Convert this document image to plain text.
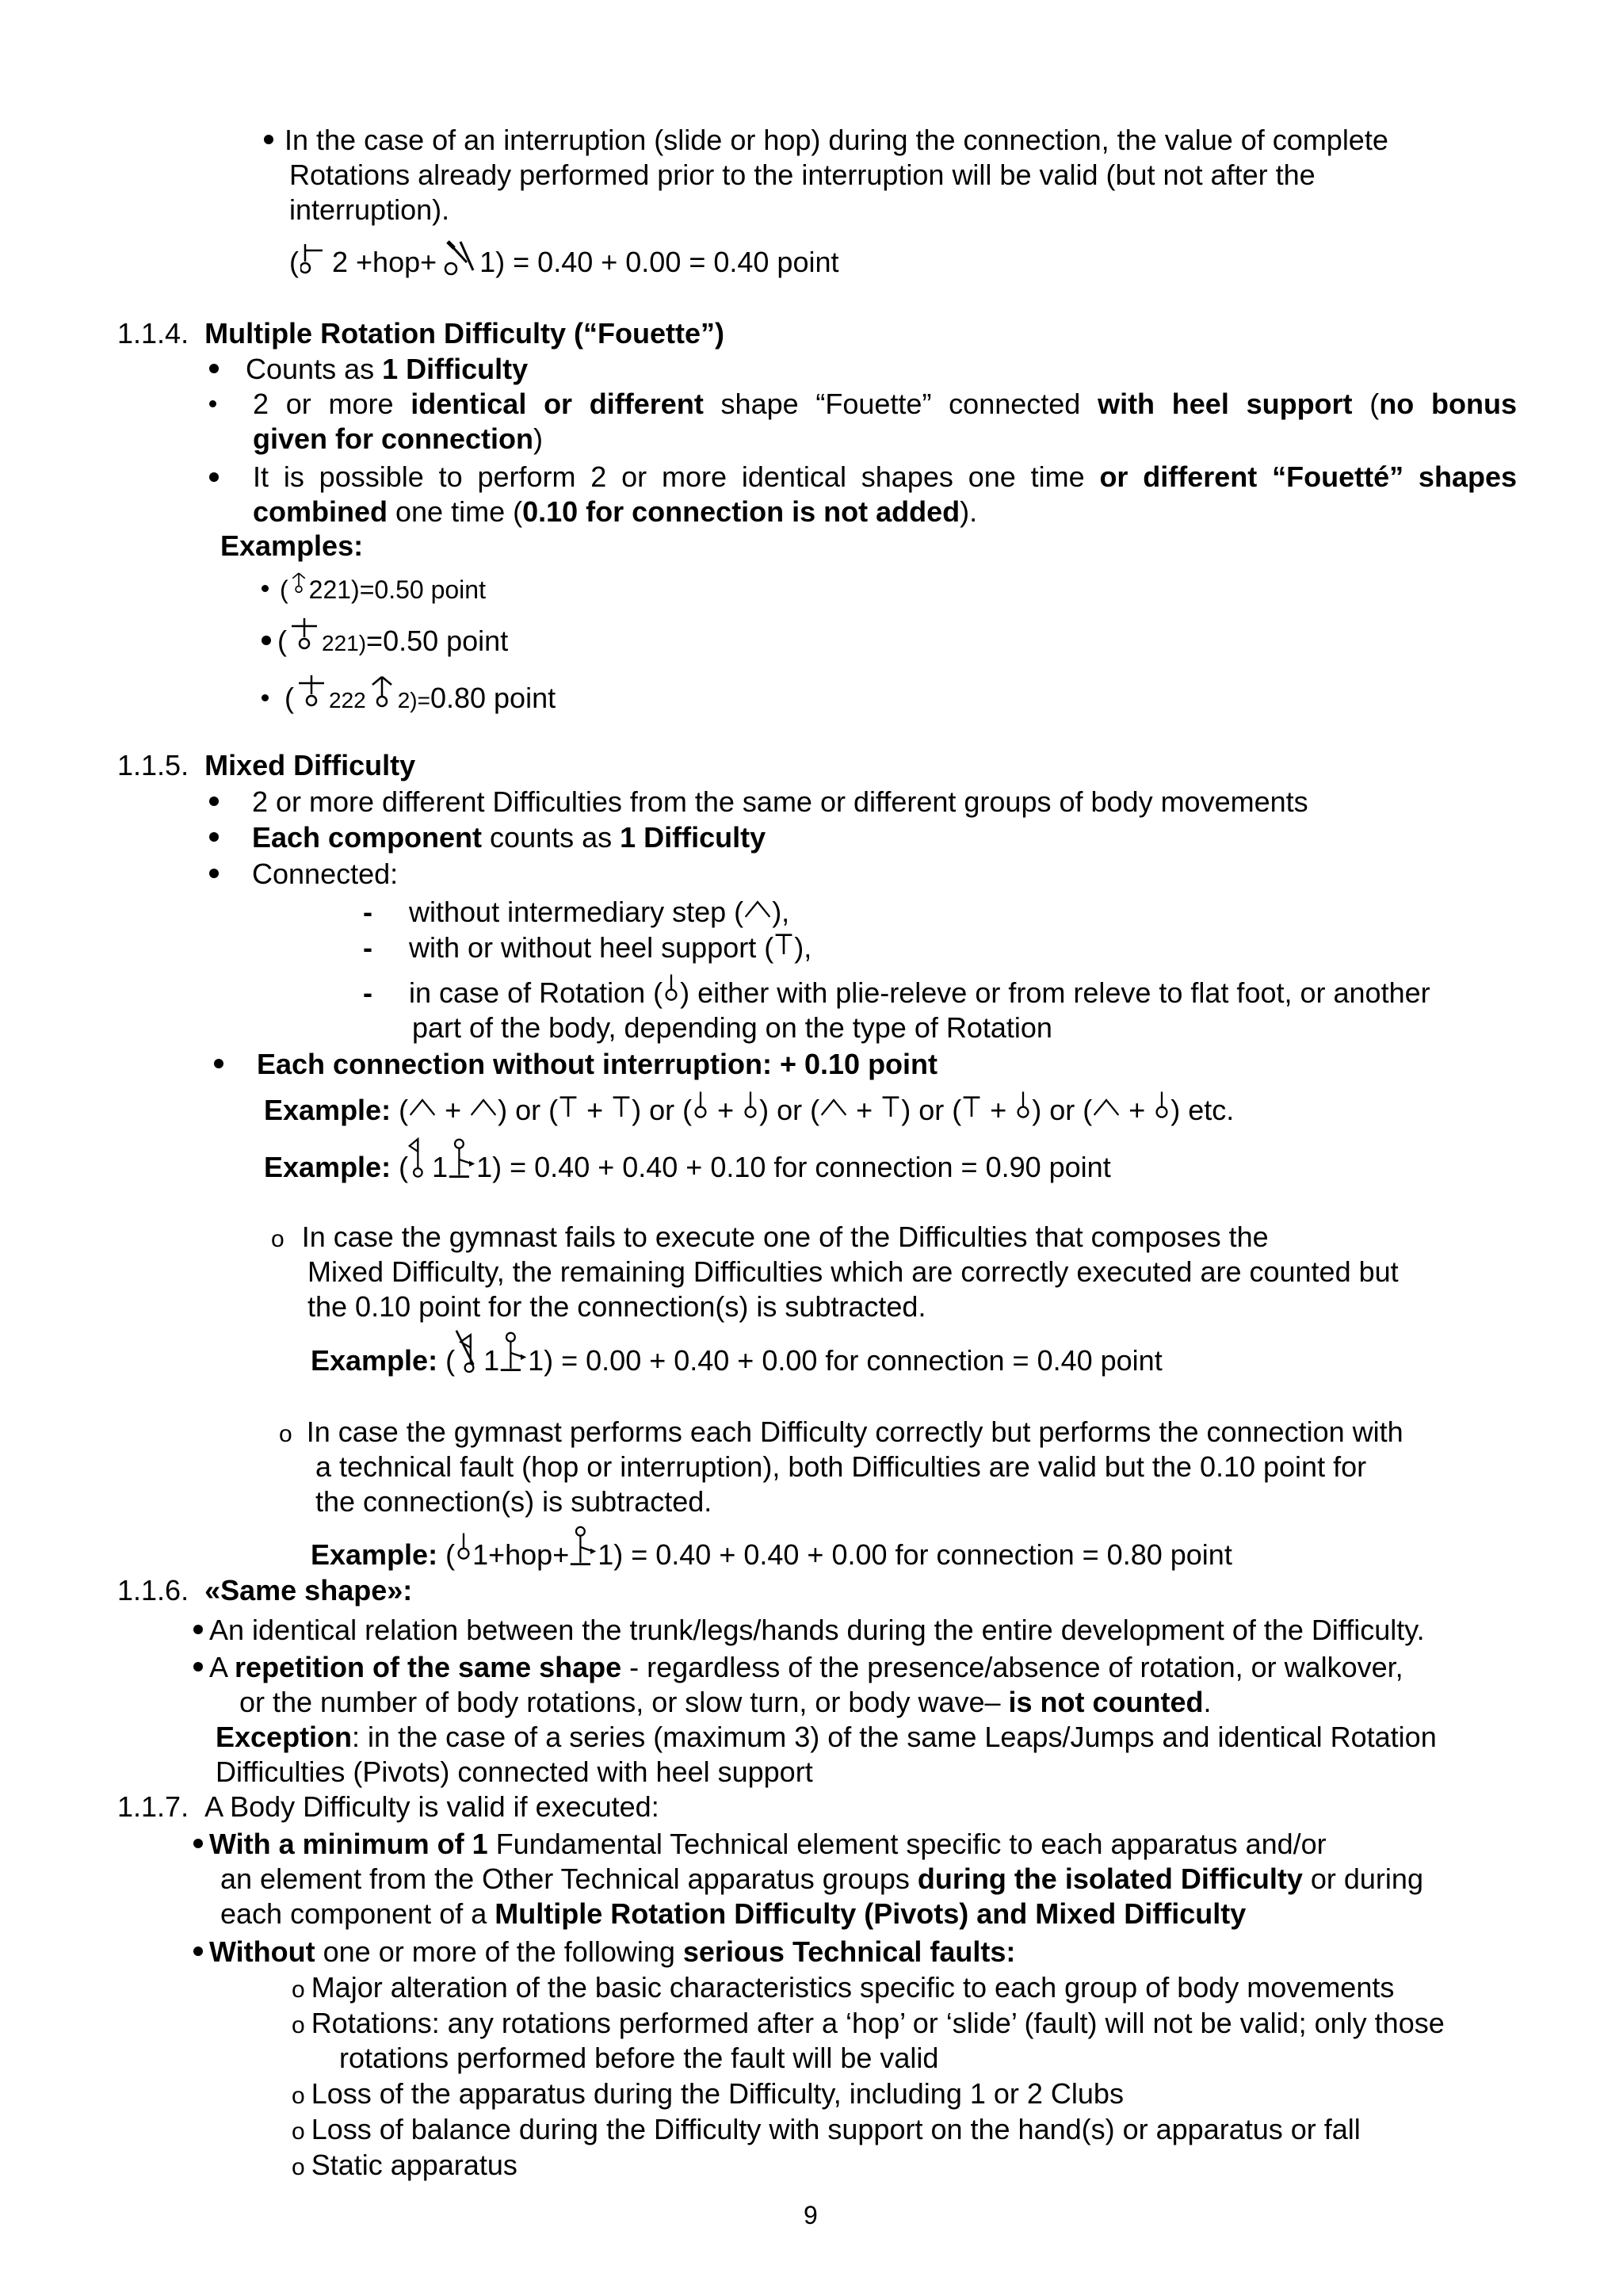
In the case of an interruption (slide or hop) during the connection, the value of complete
Rotations already performed prior to the interruption will be valid (but not after the
interruption).
( 2 +hop+ 1) = 0.40 + 0.00 = 0.40 point
1.1.4. Multiple Rotation Difficulty (“Fouette”)
Counts as 1 Difficulty
2 or more identical or different shape “Fouette” connected with heel support (no bonus
given for connection)
It is possible to perform 2 or more identical shapes one time or different “Fouetté” shapes
combined one time (0.10 for connection is not added).
Examples:
( 221)=0.50 point
( 221)=0.50 point
( 222 2)=0.80 point
1.1.5. Mixed Difficulty
2 or more different Difficulties from the same or different groups of body movements
Each component counts as 1 Difficulty
Connected:
- without intermediary step ( ),
- with or without heel support ( ),
- in case of Rotation ( ) either with plie-releve or from releve to flat foot, or another
part of the body, depending on the type of Rotation
Each connection without interruption: + 0.10 point
Example: ( + ) or ( + ) or ( + ) or ( + ) or ( + ) or ( + ) etc.
Example: ( 1 1) = 0.40 + 0.40 + 0.10 for connection = 0.90 point
o In case the gymnast fails to execute one of the Difficulties that composes the
Mixed Difficulty, the remaining Difficulties which are correctly executed are counted but
the 0.10 point for the connection(s) is subtracted.
Example: ( 1 1) = 0.00 + 0.40 + 0.00 for connection = 0.40 point
o In case the gymnast performs each Difficulty correctly but performs the connection with
a technical fault (hop or interruption), both Difficulties are valid but the 0.10 point for
the connection(s) is subtracted.
Example: ( 1+hop+ 1) = 0.40 + 0.40 + 0.00 for connection = 0.80 point
1.1.6. «Same shape»:
An identical relation between the trunk/legs/hands during the entire development of the Difficulty.
A repetition of the same shape - regardless of the presence/absence of rotation, or walkover,
or the number of body rotations, or slow turn, or body wave– is not counted.
Exception: in the case of a series (maximum 3) of the same Leaps/Jumps and identical Rotation
Difficulties (Pivots) connected with heel support
1.1.7. A Body Difficulty is valid if executed:
With a minimum of 1 Fundamental Technical element specific to each apparatus and/or
an element from the Other Technical apparatus groups during the isolated Difficulty or during
each component of a Multiple Rotation Difficulty (Pivots) and Mixed Difficulty
Without one or more of the following serious Technical faults:
o Major alteration of the basic characteristics specific to each group of body movements
o Rotations: any rotations performed after a ‘hop’ or ‘slide’ (fault) will not be valid; only those
rotations performed before the fault will be valid
o Loss of the apparatus during the Difficulty, including 1 or 2 Clubs
o Loss of balance during the Difficulty with support on the hand(s) or apparatus or fall
o Static apparatus
9
